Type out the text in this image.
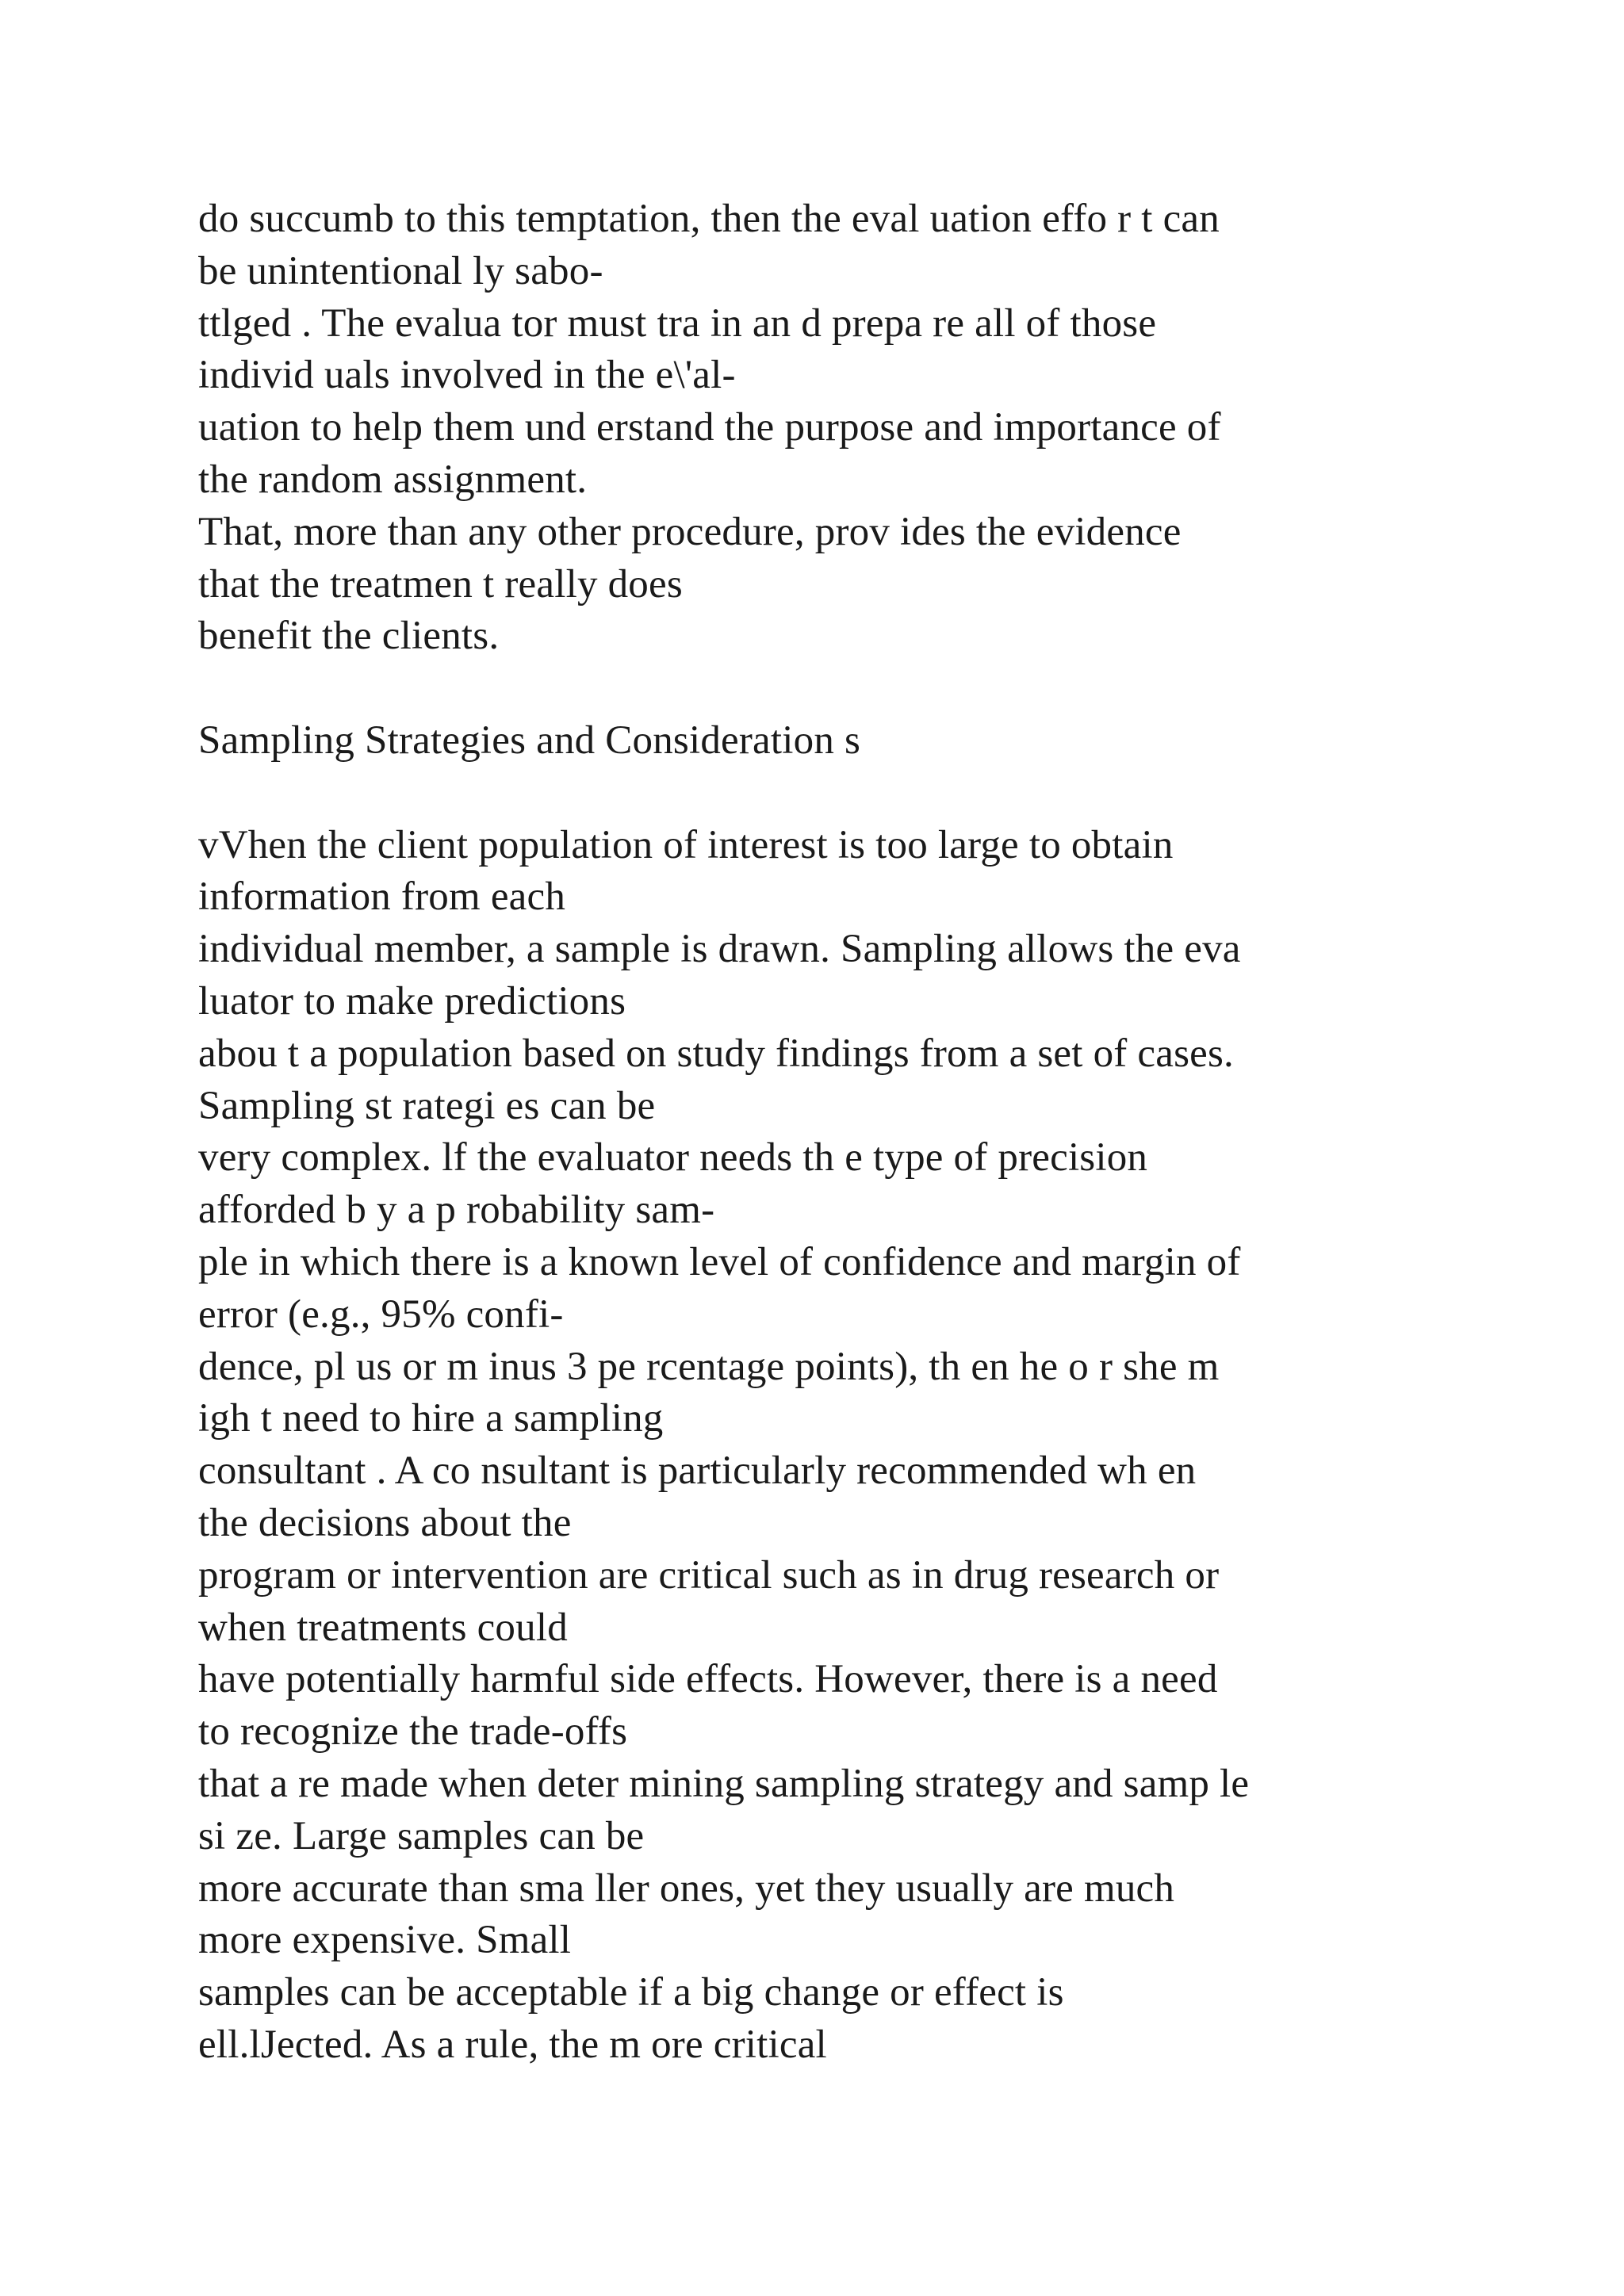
do succumb to this temptation, then the eval uation effo r t can
be unintentional ly sabo-
ttlged . The evalua tor must tra in an d prepa re all of those
individ uals involved in the e\'al-
uation to help them und erstand the purpose and importance of
the random assignment.
That, more than any other procedure, prov ides the evidence
that the treatmen t really does
benefit the clients.
Sampling Strategies and Consideration s
vVhen the client population of interest is too large to obtain
information from each
individual member, a sample is drawn. Sampling allows the eva
luator to make predictions
abou t a population based on study findings from a set of cases.
Sampling st rategi es can be
very complex. lf the evaluator needs th e type of precision
afforded b y a p robability sam-
ple in which there is a known level of confidence and margin of
error (e.g., 95% confi-
dence, pl us or m inus 3 pe rcentage points), th en he o r she m
igh t need to hire a sampling
consultant . A co nsultant is particularly recommended wh en
the decisions about the
program or intervention are critical such as in drug research or
when treatments could
have potentially harmful side effects. However, there is a need
to recognize the trade-offs
that a re made when deter mining sampling strategy and samp le
si ze. Large samples can be
more accurate than sma ller ones, yet they usually are much
more expensive. Small
samples can be acceptable if a big change or effect is
ell.lJected. As a rule, the m ore critical
